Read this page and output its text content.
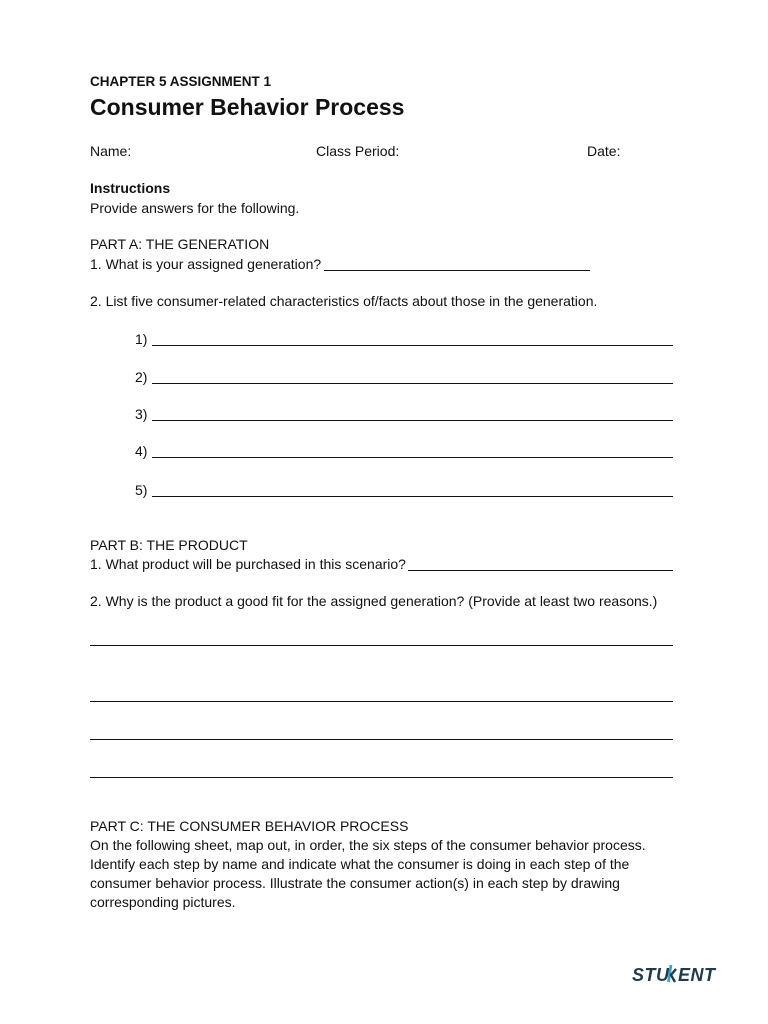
CHAPTER 5 ASSIGNMENT 1
Consumer Behavior Process
Name:	Class Period:	Date:
Instructions
Provide answers for the following.
PART A: THE GENERATION
1. What is your assigned generation?
2. List five consumer-related characteristics of/facts about those in the generation.
1)
2)
3)
4)
5)
PART B: THE PRODUCT
1. What product will be purchased in this scenario?
2. Why is the product a good fit for the assigned generation? (Provide at least two reasons.)
PART C: THE CONSUMER BEHAVIOR PROCESS
On the following sheet, map out, in order, the six steps of the consumer behavior process. Identify each step by name and indicate what the consumer is doing in each step of the consumer behavior process. Illustrate the consumer action(s) in each step by drawing corresponding pictures.
STU ENT
